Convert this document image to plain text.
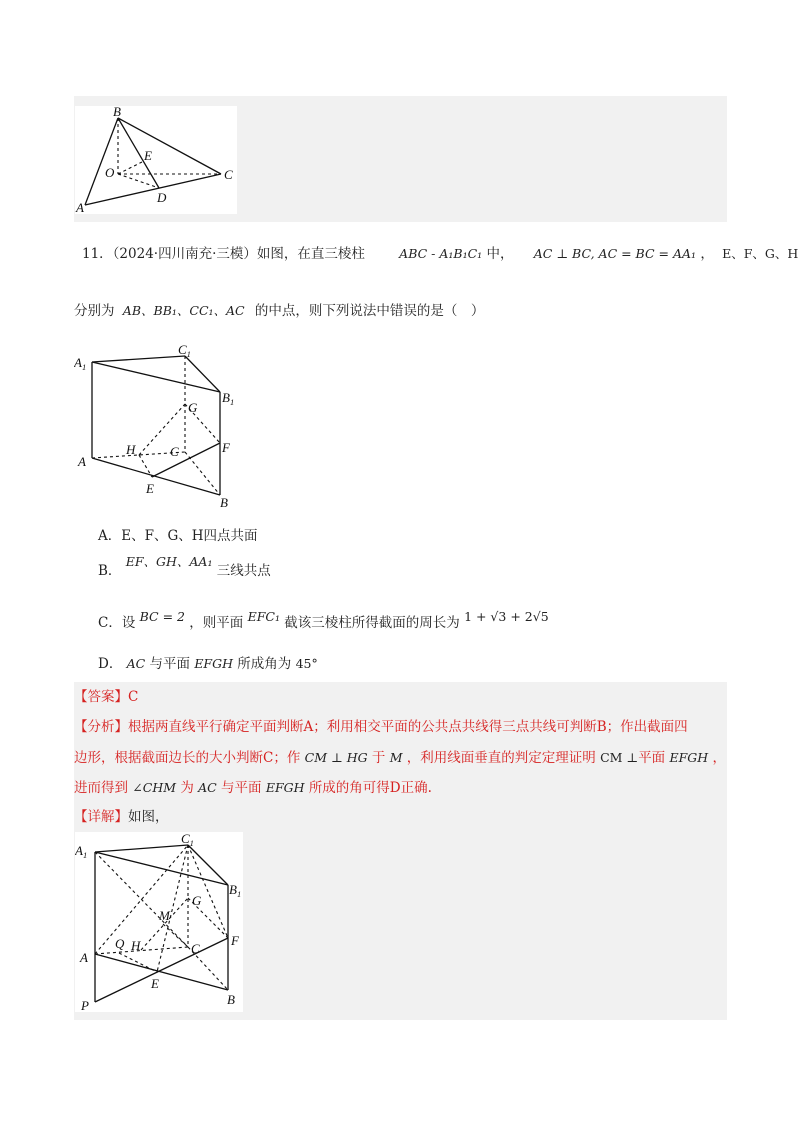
B
E
O	C
D
A
11．（2024·四川南充·三模）如图，在直三棱柱	ABC - A₁B₁C₁ 中， AC ⊥ BC, AC = BC = AA₁ ， E、F、G、H
分别为 AB、BB₁、CC₁、AC 的中点，则下列说法中错误的是（　）
$A_1$
$C_1$
$B_1$
G
H	C	F
A
E
B
A．E、F、G、H四点共面
B． EF、GH、AA₁ 三线共点
C．设 BC = 2 ，则平面 EFC₁ 截该三棱柱所得截面的周长为 1 + √3 + 2√5
D． AC 与平面 EFGH 所成角为 45°
【答案】C
【分析】根据两直线平行确定平面判断A；利用相交平面的公共点共线得三点共线可判断B；作出截面四
边形，根据截面边长的大小判断C；作 CM ⊥ HG 于 M ，利用线面垂直的判定定理证明 CM ⊥平面 EFGH ，
进而得到 ∠CHM 为 AC 与平面 EFGH 所成的角可得D正确.
【详解】如图，
$A_1$
$C_1$
$B_1$
M
G
Q H	C
F
A
E
B
P
